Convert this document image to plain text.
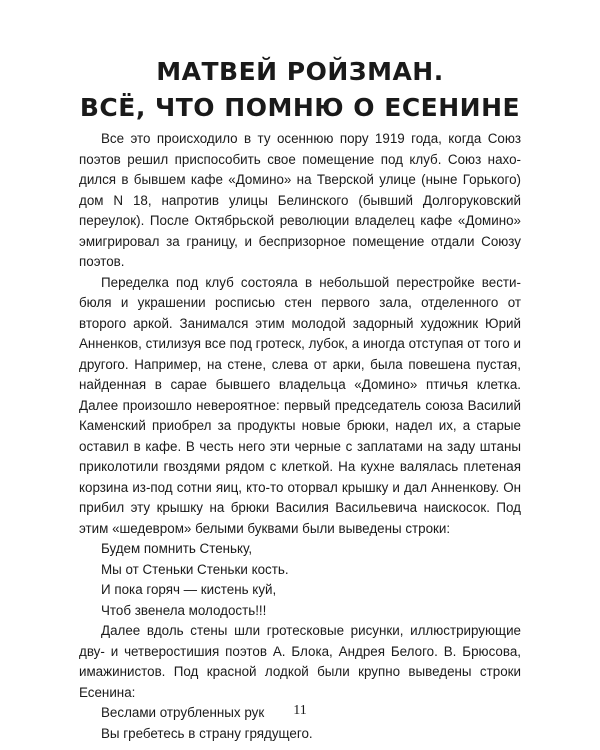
МАТВЕЙ РОЙЗМАН.
ВСЁ, ЧТО ПОМНЮ О ЕСЕНИНЕ

Все это происходило в ту осеннюю пору 1919 года, когда Союз поэтов решил приспособить свое помещение под клуб. Союз находился в бывшем кафе «Домино» на Тверской улице (ныне Горького) дом N 18, напротив улицы Белинского (бывший Долгоруковский переулок). После Октябрьской революции владелец кафе «Домино» эмигрировал за границу, и беспризорное помещение отдали Союзу поэтов.

Переделка под клуб состояла в небольшой перестройке вестибюля и украшении росписью стен первого зала, отделенного от второго аркой. Занимался этим молодой задорный художник Юрий Анненков, стилизуя все под гротеск, лубок, а иногда отступая от того и другого. Например, на стене, слева от арки, была повешена пустая, найденная в сарае бывшего владельца «Домино» птичья клетка. Далее произошло невероятное: первый председатель союза Василий Каменский приобрел за продукты новые брюки, надел их, а старые оставил в кафе. В честь него эти черные с заплатами на заду штаны приколотили гвоздями рядом с клеткой. На кухне валялась плетеная корзина из-под сотни яиц, кто-то оторвал крышку и дал Анненкову. Он прибил эту крышку на брюки Василия Васильевича наискосок. Под этим «шедевром» белыми буквами были выведены строки:

Будем помнить Стеньку,

Мы от Стеньки Стеньки кость.

И пока горяч — кистень куй,

Чтоб звенела молодость!!!

Далее вдоль стены шли гротесковые рисунки, иллюстрирующие дву- и четверостишия поэтов А. Блока, Андрея Белого. В. Брюсова, имажинистов. Под красной лодкой были крупно выведены строки Есенина:

Веслами отрубленных рук

Вы гребетесь в страну грядущего.

11
